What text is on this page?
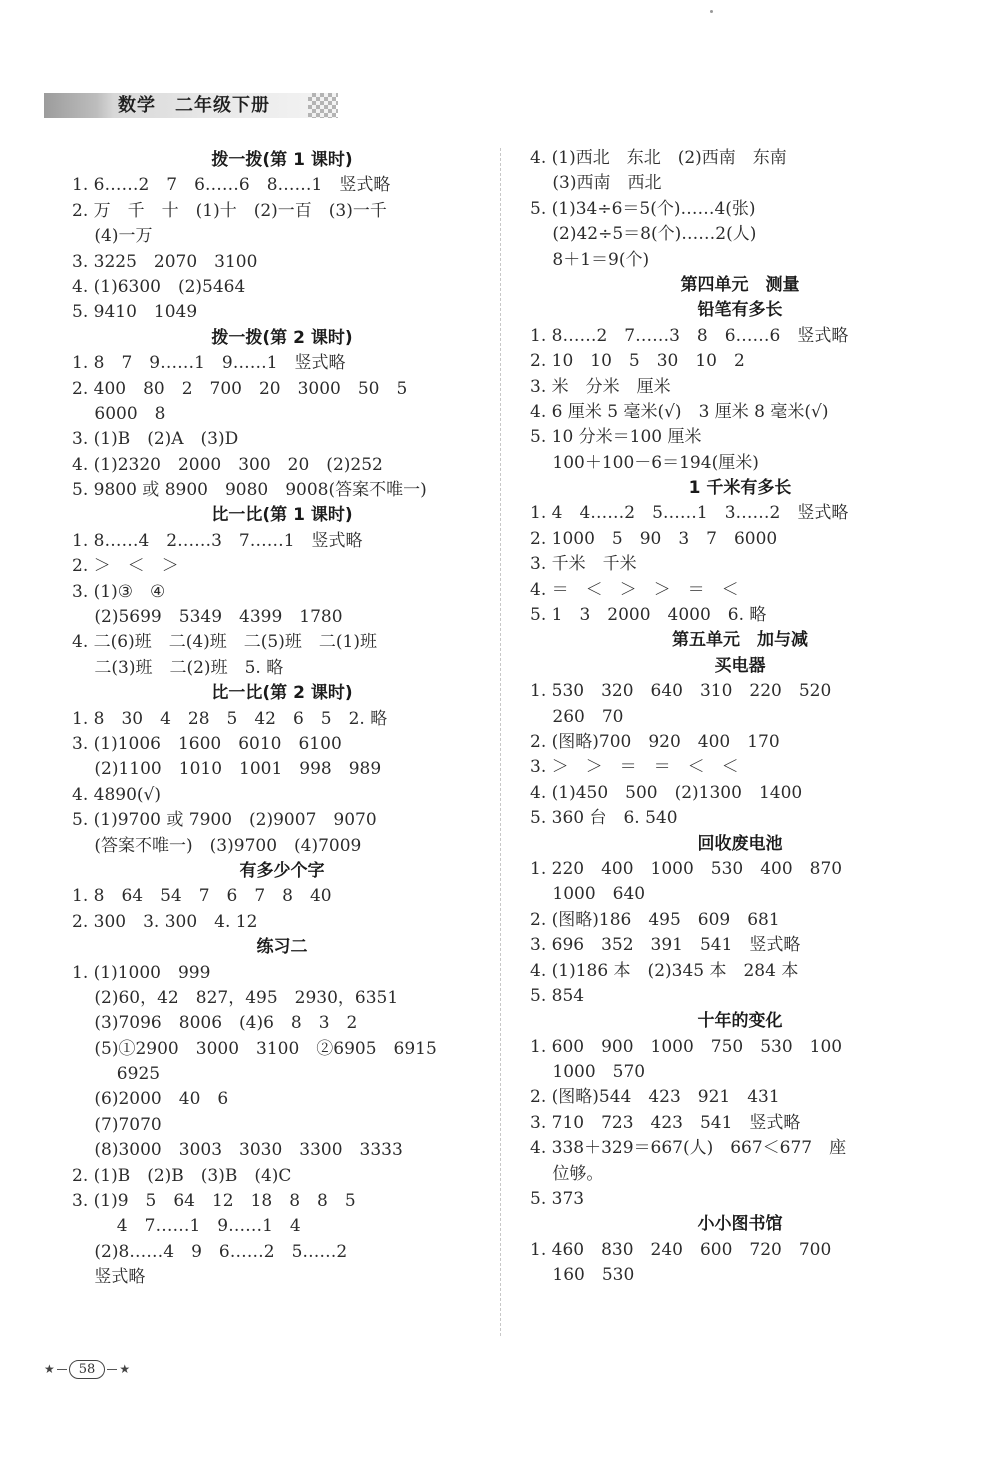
数学　二年级下册
拨一拨(第 1 课时)
1. 6……2　7　6……6　8……1　竖式略
2. 万　千　十　(1)十　(2)一百　(3)一千
　 (4)一万
3. 3225　2070　3100
4. (1)6300　(2)5464
5. 9410　1049
拨一拨(第 2 课时)
1. 8　7　9……1　9……1　竖式略
2. 400　80　2　700　20　3000　50　5
　 6000　8
3. (1)B　(2)A　(3)D
4. (1)2320　2000　300　20　(2)252
5. 9800 或 8900　9080　9008(答案不唯一)
比一比(第 1 课时)
1. 8……4　2……3　7……1　竖式略
2. ＞　＜　＞
3. (1)③　④
　 (2)5699　5349　4399　1780
4. 二(6)班　二(4)班　二(5)班　二(1)班
　 二(3)班　二(2)班　5. 略
比一比(第 2 课时)
1. 8　30　4　28　5　42　6　5　2. 略
3. (1)1006　1600　6010　6100
　 (2)1100　1010　1001　998　989
4. 4890(√)
5. (1)9700 或 7900　(2)9007　9070
　 (答案不唯一)　(3)9700　(4)7009
有多少个字
1. 8　64　54　7　6　7　8　40
2. 300　3. 300　4. 12
练习二
1. (1)1000　999
　 (2)60，42　827，495　2930，6351
　 (3)7096　8006　(4)6　8　3　2
　 (5)①2900　3000　3100　②6905　6915
　 　 6925
　 (6)2000　40　6
　 (7)7070
　 (8)3000　3003　3030　3300　3333
2. (1)B　(2)B　(3)B　(4)C
3. (1)9　5　64　12　18　8　8　5
　 　 4　7……1　9……1　4
　 (2)8……4　9　6……2　5……2
　 竖式略
4. (1)西北　东北　(2)西南　东南
　 (3)西南　西北
5. (1)34÷6＝5(个)……4(张)
　 (2)42÷5＝8(个)……2(人)
　 8＋1＝9(个)
第四单元　测量
铅笔有多长
1. 8……2　7……3　8　6……6　竖式略
2. 10　10　5　30　10　2
3. 米　分米　厘米
4. 6 厘米 5 毫米(√)　3 厘米 8 毫米(√)
5. 10 分米＝100 厘米
　 100＋100－6＝194(厘米)
1 千米有多长
1. 4　4……2　5……1　3……2　竖式略
2. 1000　5　90　3　7　6000
3. 千米　千米
4. ＝　＜　＞　＞　＝　＜
5. 1　3　2000　4000　6. 略
第五单元　加与减
买电器
1. 530　320　640　310　220　520
　 260　70
2. (图略)700　920　400　170
3. ＞　＞　＝　＝　＜　＜
4. (1)450　500　(2)1300　1400
5. 360 台　6. 540
回收废电池
1. 220　400　1000　530　400　870
　 1000　640
2. (图略)186　495　609　681
3. 696　352　391　541　竖式略
4. (1)186 本　(2)345 本　284 本
5. 854
十年的变化
1. 600　900　1000　750　530　100
　 1000　570
2. (图略)544　423　921　431
3. 710　723　423　541　竖式略
4. 338＋329＝667(人)　667＜677　座
　 位够。
5. 373
小小图书馆
1. 460　830　240　600　720　700
　 160　530
★	58	★
